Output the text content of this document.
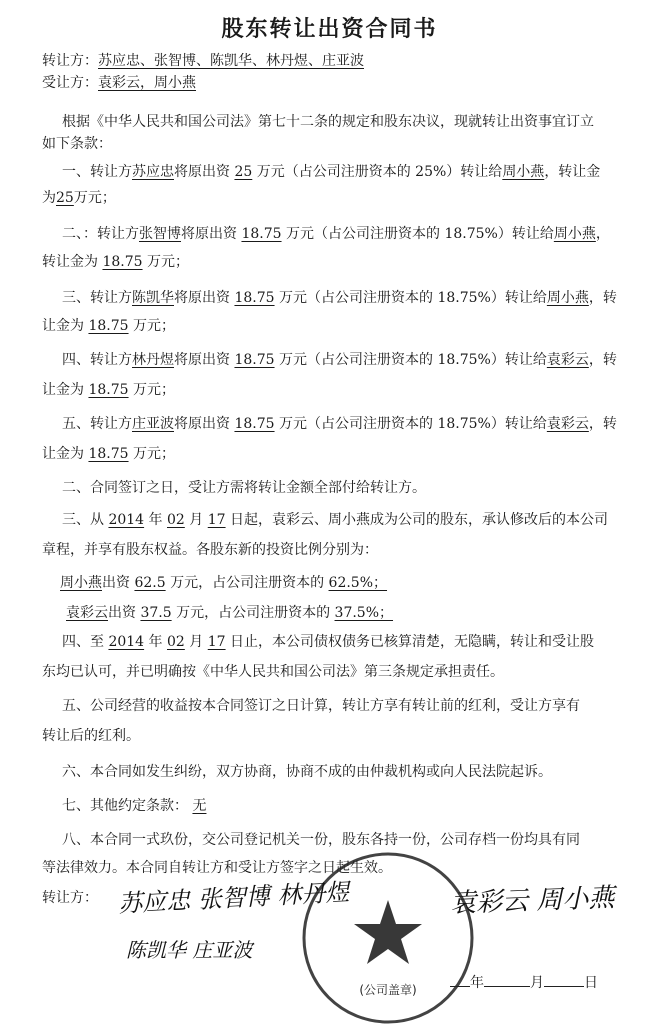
股东转让出资合同书
转让方：苏应忠、张智博、陈凯华、林丹煜、庄亚波
受让方：袁彩云，周小燕
根据《中华人民共和国公司法》第七十二条的规定和股东决议，现就转让出资事宜订立
如下条款：
一、转让方苏应忠将原出资 25 万元（占公司注册资本的 25%）转让给周小燕，转让金
为25万元；
二、：转让方张智博将原出资 18.75 万元（占公司注册资本的 18.75%）转让给周小燕，
转让金为 18.75 万元；
三、转让方陈凯华将原出资 18.75 万元（占公司注册资本的 18.75%）转让给周小燕，转
让金为 18.75 万元；
四、转让方林丹煜将原出资 18.75 万元（占公司注册资本的 18.75%）转让给袁彩云，转
让金为 18.75 万元；
五、转让方庄亚波将原出资 18.75 万元（占公司注册资本的 18.75%）转让给袁彩云，转
让金为 18.75 万元；
二、合同签订之日，受让方需将转让金额全部付给转让方。
三、从 2014 年 02 月 17 日起，袁彩云、周小燕成为公司的股东，承认修改后的本公司
章程，并享有股东权益。各股东新的投资比例分别为：
周小燕出资 62.5 万元，占公司注册资本的 62.5%；
袁彩云出资 37.5 万元，占公司注册资本的 37.5%；
四、至 2014 年 02 月 17 日止，本公司债权债务已核算清楚，无隐瞒，转让和受让股
东均已认可，并已明确按《中华人民共和国公司法》第三条规定承担责任。
五、公司经营的收益按本合同签订之日计算，转让方享有转让前的红利，受让方享有
转让后的红利。
六、本合同如发生纠纷，双方协商，协商不成的由仲裁机构或向人民法院起诉。
七、其他约定条款： 无
八、本合同一式玖份，交公司登记机关一份，股东各持一份，公司存档一份均具有同
等法律效力。本合同自转让方和受让方签字之日起生效。
转让方：
(公司盖章)
苏应忠 张智博 林丹煜
陈凯华 庄亚波
袁彩云 周小燕
年	月	日
